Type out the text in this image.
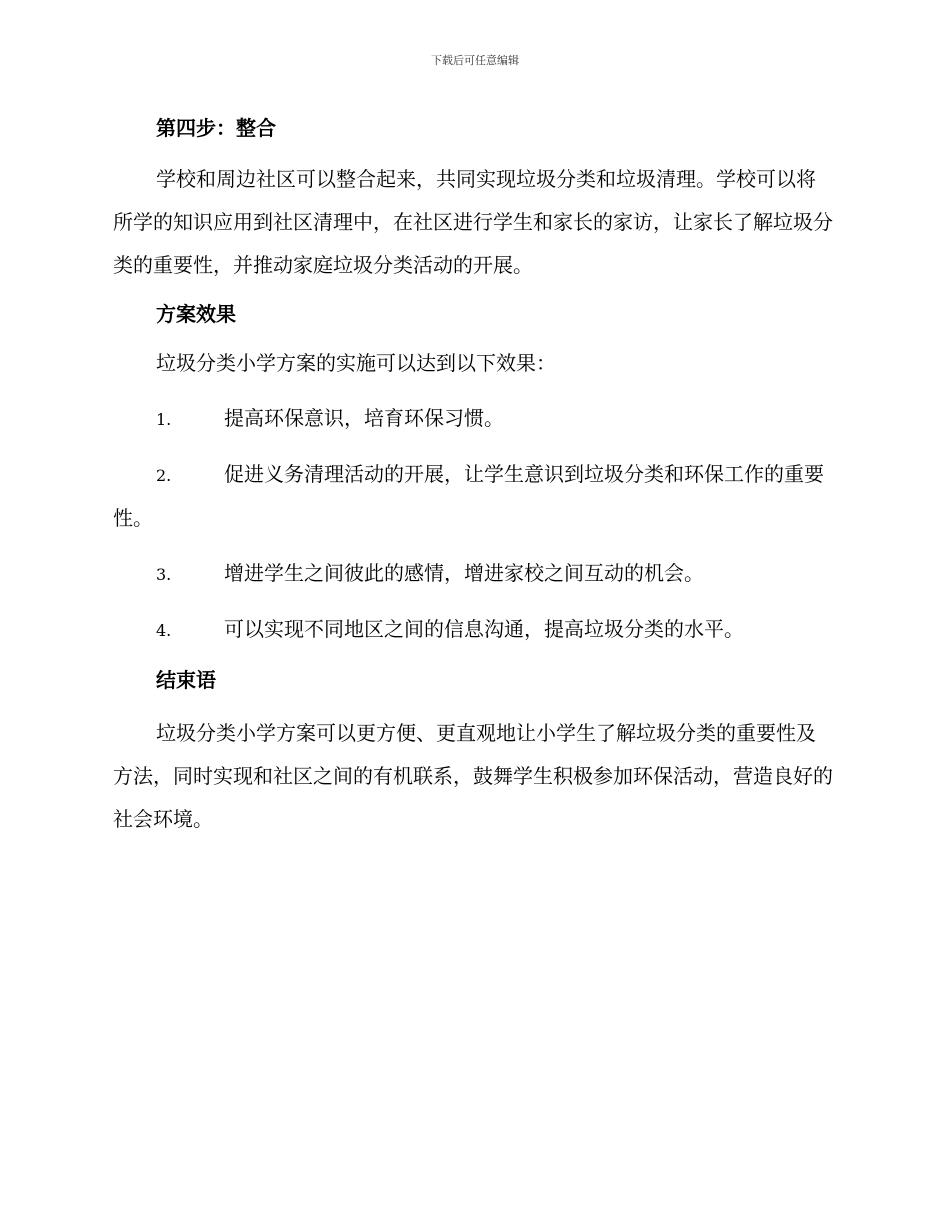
下载后可任意编辑
第四步：整合

学校和周边社区可以整合起来，共同实现垃圾分类和垃圾清理。学校可以将所学的知识应用到社区清理中，在社区进行学生和家长的家访，让家长了解垃圾分类的重要性，并推动家庭垃圾分类活动的开展。

方案效果

垃圾分类小学方案的实施可以达到以下效果：

1.	提高环保意识，培育环保习惯。

2.	促进义务清理活动的开展，让学生意识到垃圾分类和环保工作的重要性。

3.	增进学生之间彼此的感情，增进家校之间互动的机会。

4.	可以实现不同地区之间的信息沟通，提高垃圾分类的水平。

结束语

垃圾分类小学方案可以更方便、更直观地让小学生了解垃圾分类的重要性及方法，同时实现和社区之间的有机联系，鼓舞学生积极参加环保活动，营造良好的社会环境。
